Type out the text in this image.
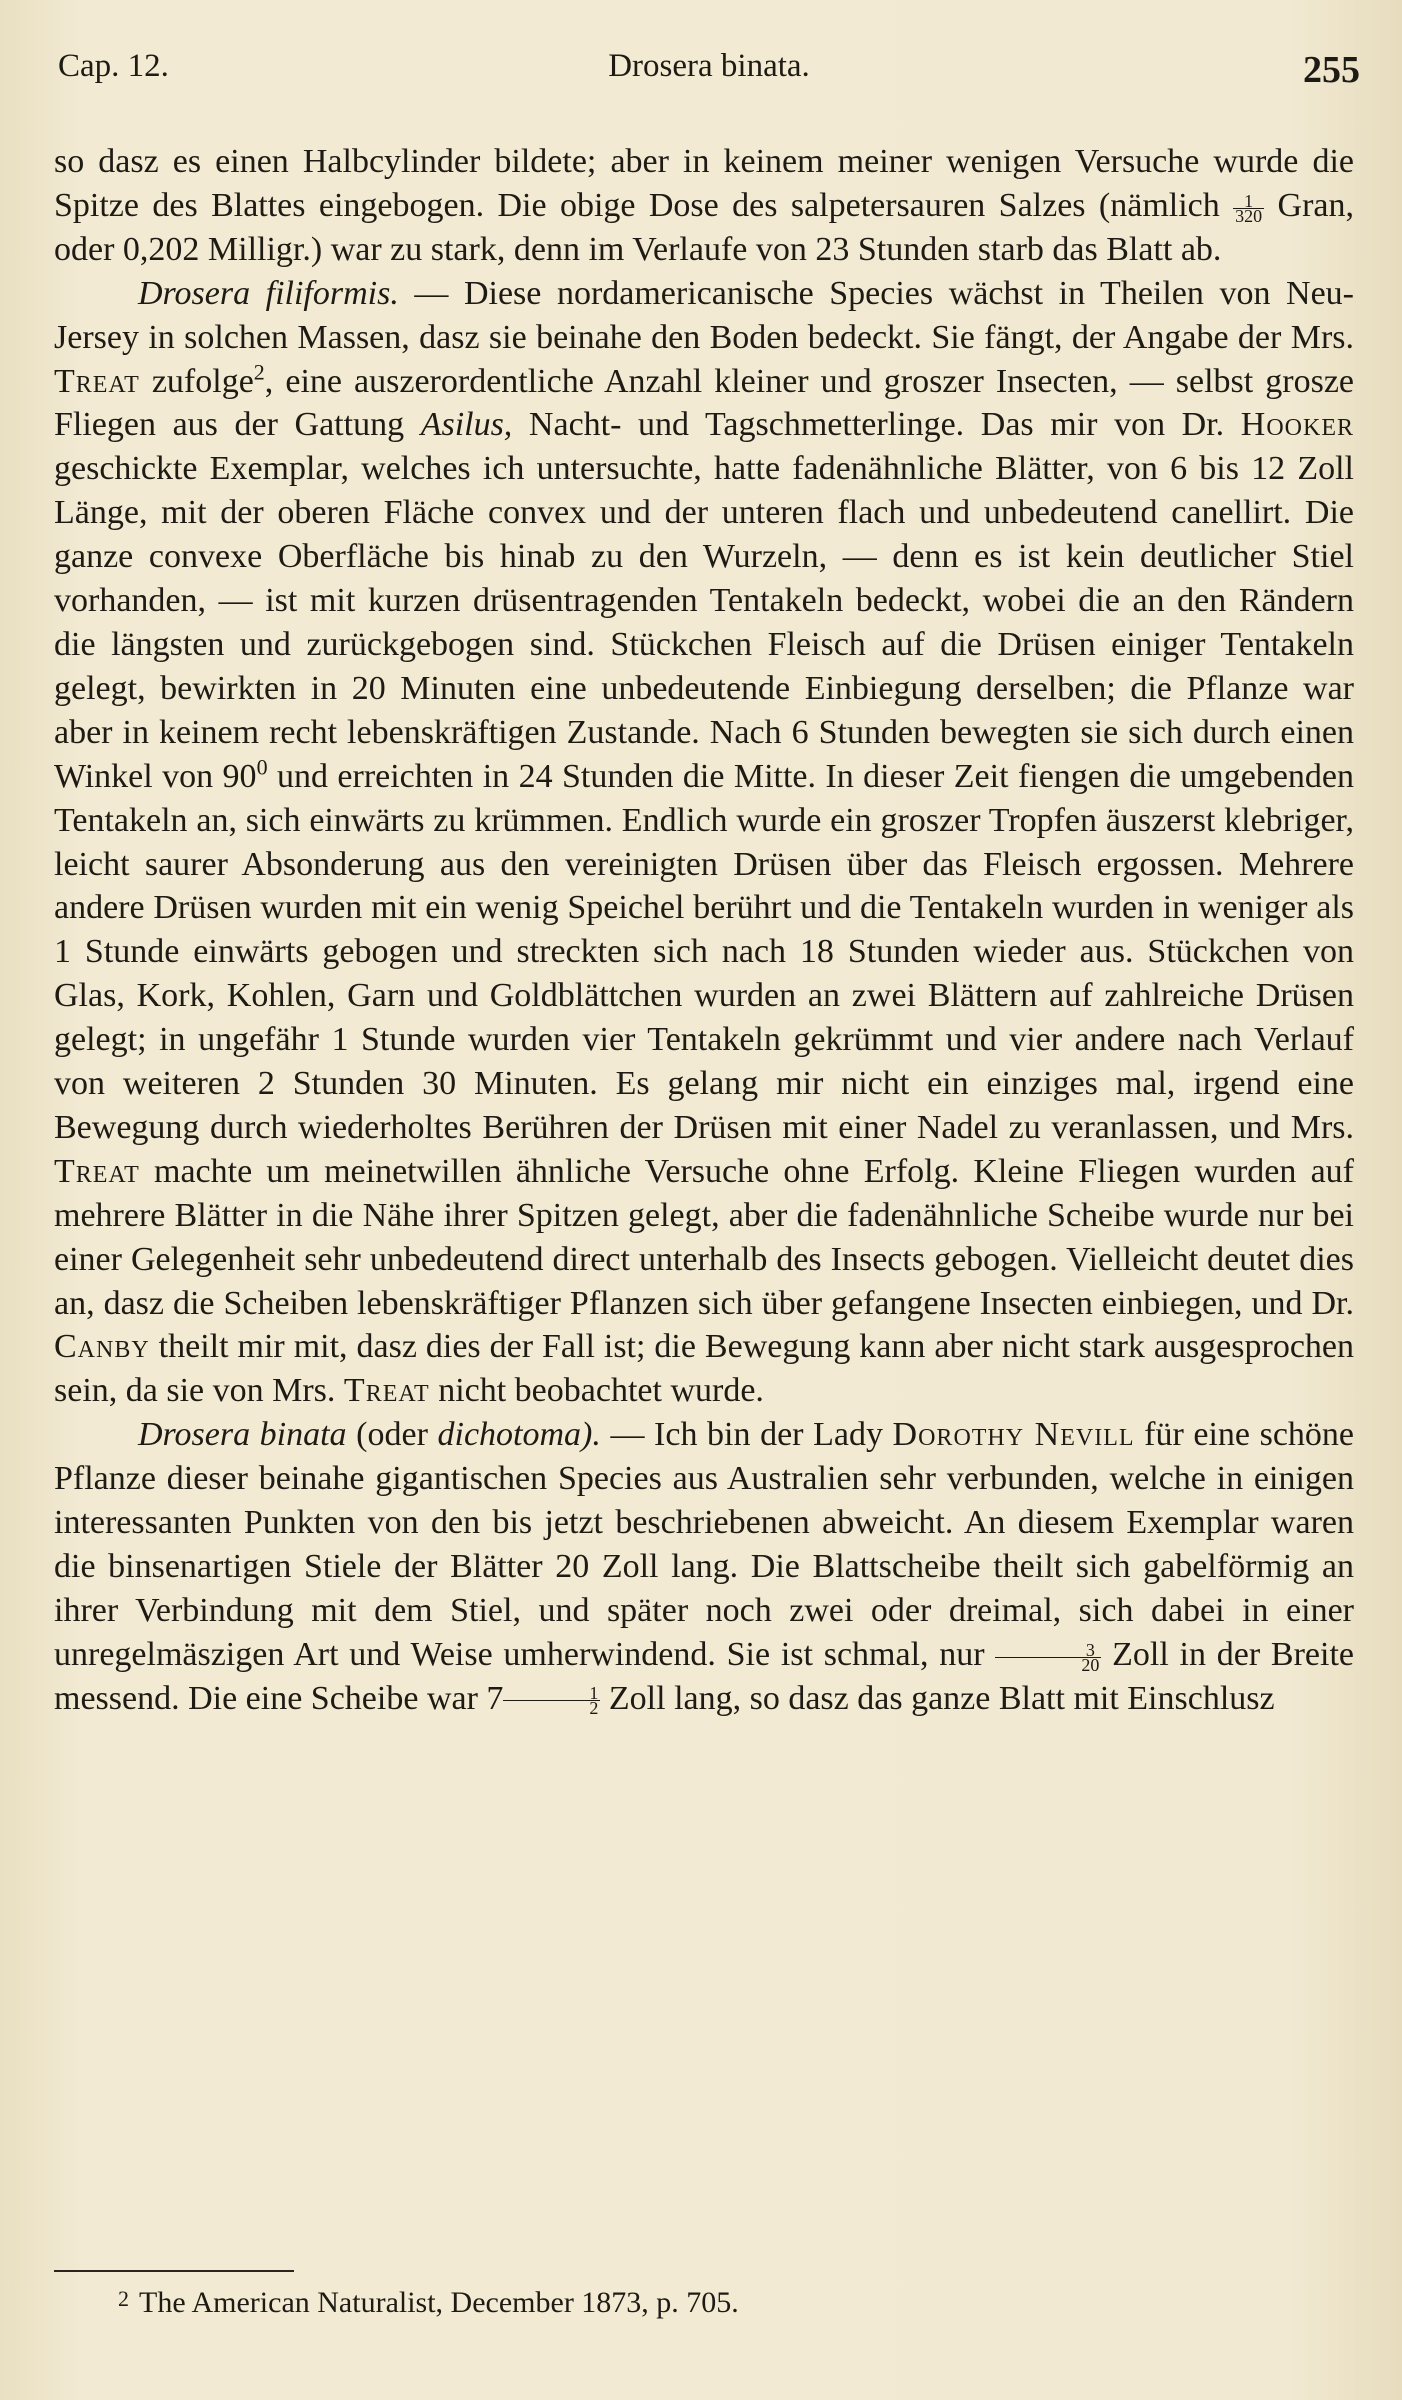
Cap. 12.	Drosera binata.	255

so dasz es einen Halbcylinder bildete; aber in keinem meiner wenigen Versuche wurde die Spitze des Blattes eingebogen. Die obige Dose des salpetersauren Salzes (nämlich $\frac{1}{320}$ Gran, oder 0,202 Milligr.) war zu stark, denn im Verlaufe von 23 Stunden starb das Blatt ab.

Drosera filiformis. — Diese nordamericanische Species wächst in Theilen von Neu-Jersey in solchen Massen, dasz sie beinahe den Boden bedeckt. Sie fängt, der Angabe der Mrs. Treat zufolge$^2$, eine auszerordentliche Anzahl kleiner und groszer Insecten, — selbst grosze Fliegen aus der Gattung Asilus, Nacht- und Tagschmetterlinge. Das mir von Dr. Hooker geschickte Exemplar, welches ich untersuchte, hatte fadenähnliche Blätter, von 6 bis 12 Zoll Länge, mit der oberen Fläche convex und der unteren flach und unbedeutend canellirt. Die ganze convexe Oberfläche bis hinab zu den Wurzeln, — denn es ist kein deutlicher Stiel vorhanden, — ist mit kurzen drüsentragenden Tentakeln bedeckt, wobei die an den Rändern die längsten und zurückgebogen sind. Stückchen Fleisch auf die Drüsen einiger Tentakeln gelegt, bewirkten in 20 Minuten eine unbedeutende Einbiegung derselben; die Pflanze war aber in keinem recht lebenskräftigen Zustande. Nach 6 Stunden bewegten sie sich durch einen Winkel von $90^0$ und erreichten in 24 Stunden die Mitte. In dieser Zeit fiengen die umgebenden Tentakeln an, sich einwärts zu krümmen. Endlich wurde ein groszer Tropfen äuszerst klebriger, leicht saurer Absonderung aus den vereinigten Drüsen über das Fleisch ergossen. Mehrere andere Drüsen wurden mit ein wenig Speichel berührt und die Tentakeln wurden in weniger als 1 Stunde einwärts gebogen und streckten sich nach 18 Stunden wieder aus. Stückchen von Glas, Kork, Kohlen, Garn und Goldblättchen wurden an zwei Blättern auf zahlreiche Drüsen gelegt; in ungefähr 1 Stunde wurden vier Tentakeln gekrümmt und vier andere nach Verlauf von weiteren 2 Stunden 30 Minuten. Es gelang mir nicht ein einziges mal, irgend eine Bewegung durch wiederholtes Berühren der Drüsen mit einer Nadel zu veranlassen, und Mrs. Treat machte um meinetwillen ähnliche Versuche ohne Erfolg. Kleine Fliegen wurden auf mehrere Blätter in die Nähe ihrer Spitzen gelegt, aber die fadenähnliche Scheibe wurde nur bei einer Gelegenheit sehr unbedeutend direct unterhalb des Insects gebogen. Vielleicht deutet dies an, dasz die Scheiben lebenskräftiger Pflanzen sich über gefangene Insecten einbiegen, und Dr. Canby theilt mir mit, dasz dies der Fall ist; die Bewegung kann aber nicht stark ausgesprochen sein, da sie von Mrs. Treat nicht beobachtet wurde.

Drosera binata (oder dichotoma). — Ich bin der Lady Dorothy Nevill für eine schöne Pflanze dieser beinahe gigantischen Species aus Australien sehr verbunden, welche in einigen interessanten Punkten von den bis jetzt beschriebenen abweicht. An diesem Exemplar waren die binsenartigen Stiele der Blätter 20 Zoll lang. Die Blattscheibe theilt sich gabelförmig an ihrer Verbindung mit dem Stiel, und später noch zwei oder dreimal, sich dabei in einer unregelmäszigen Art und Weise umherwindend. Sie ist schmal, nur $\frac{3}{20}$ Zoll in der Breite messend. Die eine Scheibe war $7 \frac{1}{2}$ Zoll lang, so dasz das ganze Blatt mit Einschlusz

$^2$ The American Naturalist, December 1873, p. 705.
